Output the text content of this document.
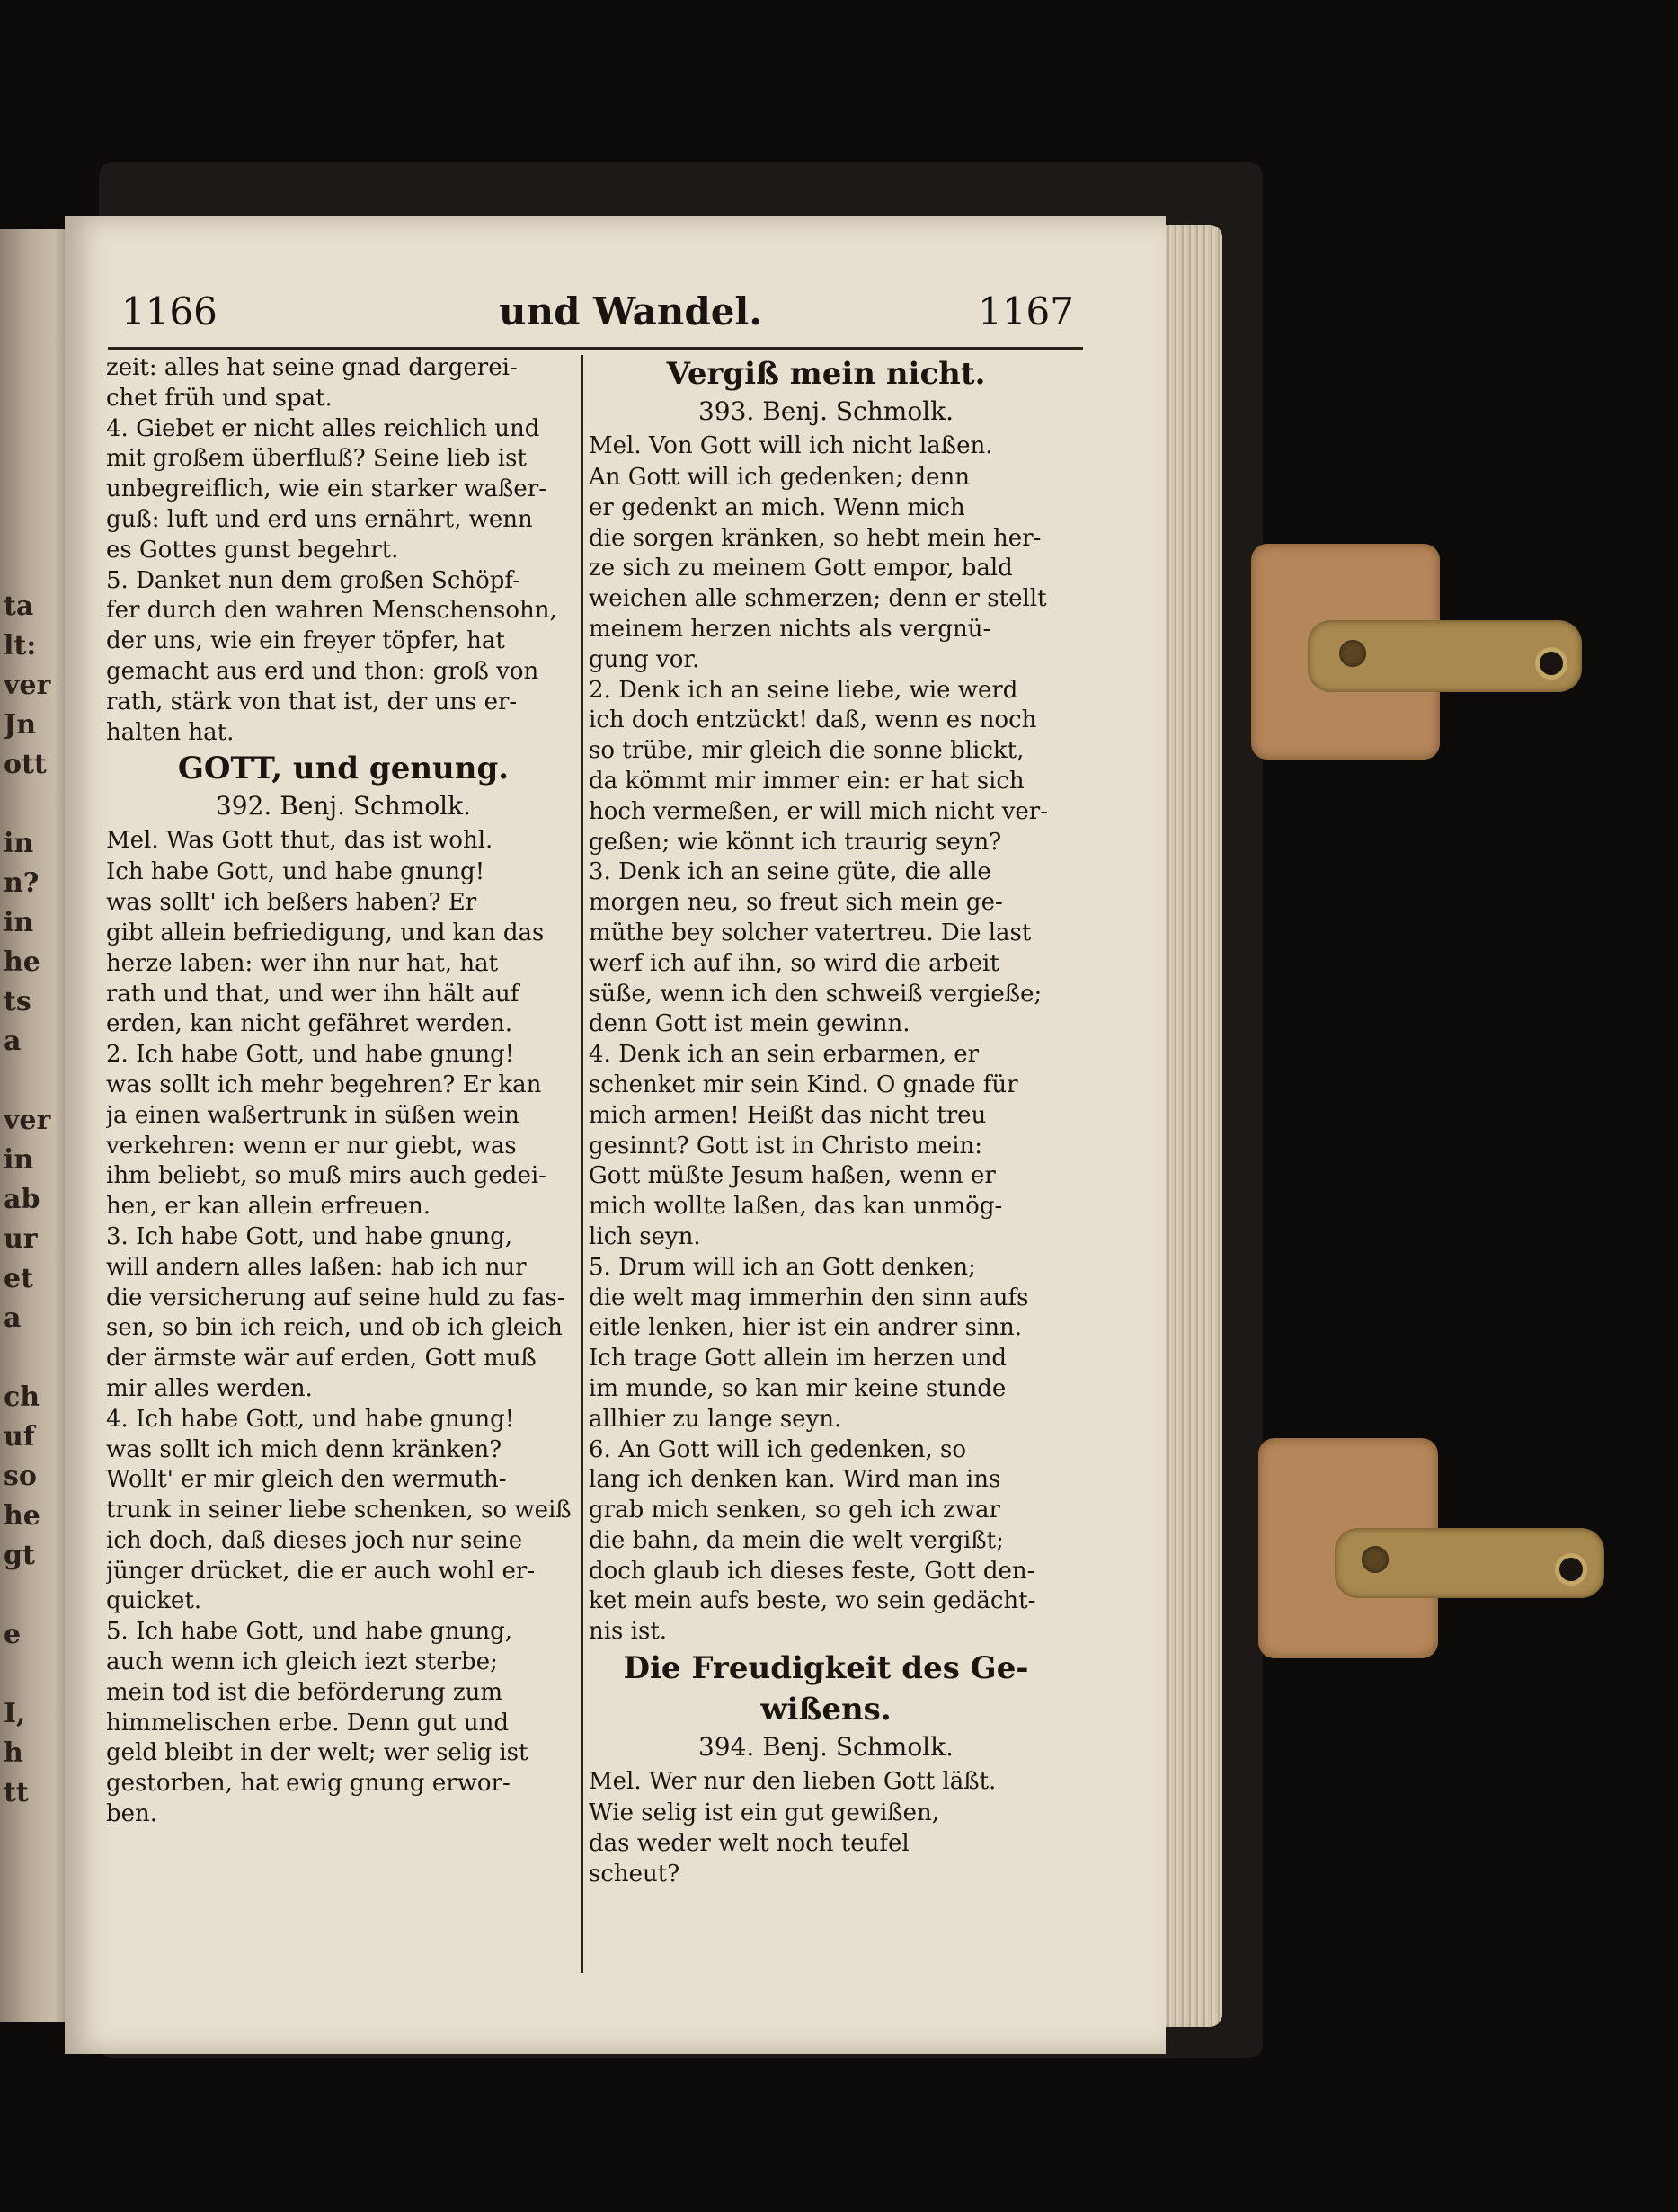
ta
lt:
ver
Jn
ott
in
n?
in
he
ts
a
ver
in
ab
ur
et
a
ch
uf
so
he
gt
e
I,
h
tt
1166	und Wandel.	1167
zeit: alles hat seine gnad dargerei-
chet früh und spat.
4. Giebet er nicht alles reichlich und
mit großem überfluß? Seine lieb ist
unbegreiflich, wie ein starker waßer-
guß: luft und erd uns ernährt, wenn
es Gottes gunst begehrt.
5. Danket nun dem großen Schöpf-
fer durch den wahren Menschensohn,
der uns, wie ein freyer töpfer, hat
gemacht aus erd und thon: groß von
rath, stärk von that ist, der uns er-
halten hat.
GOTT, und genung.
392. Benj. Schmolk.
Mel. Was Gott thut, das ist wohl.
Ich habe Gott, und habe gnung!
was sollt' ich beßers haben? Er
gibt allein befriedigung, und kan das
herze laben: wer ihn nur hat, hat
rath und that, und wer ihn hält auf
erden, kan nicht gefähret werden.
2. Ich habe Gott, und habe gnung!
was sollt ich mehr begehren? Er kan
ja einen waßertrunk in süßen wein
verkehren: wenn er nur giebt, was
ihm beliebt, so muß mirs auch gedei-
hen, er kan allein erfreuen.
3. Ich habe Gott, und habe gnung,
will andern alles laßen: hab ich nur
die versicherung auf seine huld zu fas-
sen, so bin ich reich, und ob ich gleich
der ärmste wär auf erden, Gott muß
mir alles werden.
4. Ich habe Gott, und habe gnung!
was sollt ich mich denn kränken?
Wollt' er mir gleich den wermuth-
trunk in seiner liebe schenken, so weiß
ich doch, daß dieses joch nur seine
jünger drücket, die er auch wohl er-
quicket.
5. Ich habe Gott, und habe gnung,
auch wenn ich gleich iezt sterbe;
mein tod ist die beförderung zum
himmelischen erbe. Denn gut und
geld bleibt in der welt; wer selig ist
gestorben, hat ewig gnung erwor-
ben.
Vergiß mein nicht.
393. Benj. Schmolk.
Mel. Von Gott will ich nicht laßen.
An Gott will ich gedenken; denn
er gedenkt an mich. Wenn mich
die sorgen kränken, so hebt mein her-
ze sich zu meinem Gott empor, bald
weichen alle schmerzen; denn er stellt
meinem herzen nichts als vergnü-
gung vor.
2. Denk ich an seine liebe, wie werd
ich doch entzückt! daß, wenn es noch
so trübe, mir gleich die sonne blickt,
da kömmt mir immer ein: er hat sich
hoch vermeßen, er will mich nicht ver-
geßen; wie könnt ich traurig seyn?
3. Denk ich an seine güte, die alle
morgen neu, so freut sich mein ge-
müthe bey solcher vatertreu. Die last
werf ich auf ihn, so wird die arbeit
süße, wenn ich den schweiß vergieße;
denn Gott ist mein gewinn.
4. Denk ich an sein erbarmen, er
schenket mir sein Kind. O gnade für
mich armen! Heißt das nicht treu
gesinnt? Gott ist in Christo mein:
Gott müßte Jesum haßen, wenn er
mich wollte laßen, das kan unmög-
lich seyn.
5. Drum will ich an Gott denken;
die welt mag immerhin den sinn aufs
eitle lenken, hier ist ein andrer sinn.
Ich trage Gott allein im herzen und
im munde, so kan mir keine stunde
allhier zu lange seyn.
6. An Gott will ich gedenken, so
lang ich denken kan. Wird man ins
grab mich senken, so geh ich zwar
die bahn, da mein die welt vergißt;
doch glaub ich dieses feste, Gott den-
ket mein aufs beste, wo sein gedächt-
nis ist.
Die Freudigkeit des Ge-
wißens.
394. Benj. Schmolk.
Mel. Wer nur den lieben Gott läßt.
Wie selig ist ein gut gewißen,
das weder welt noch teufel
scheut?
